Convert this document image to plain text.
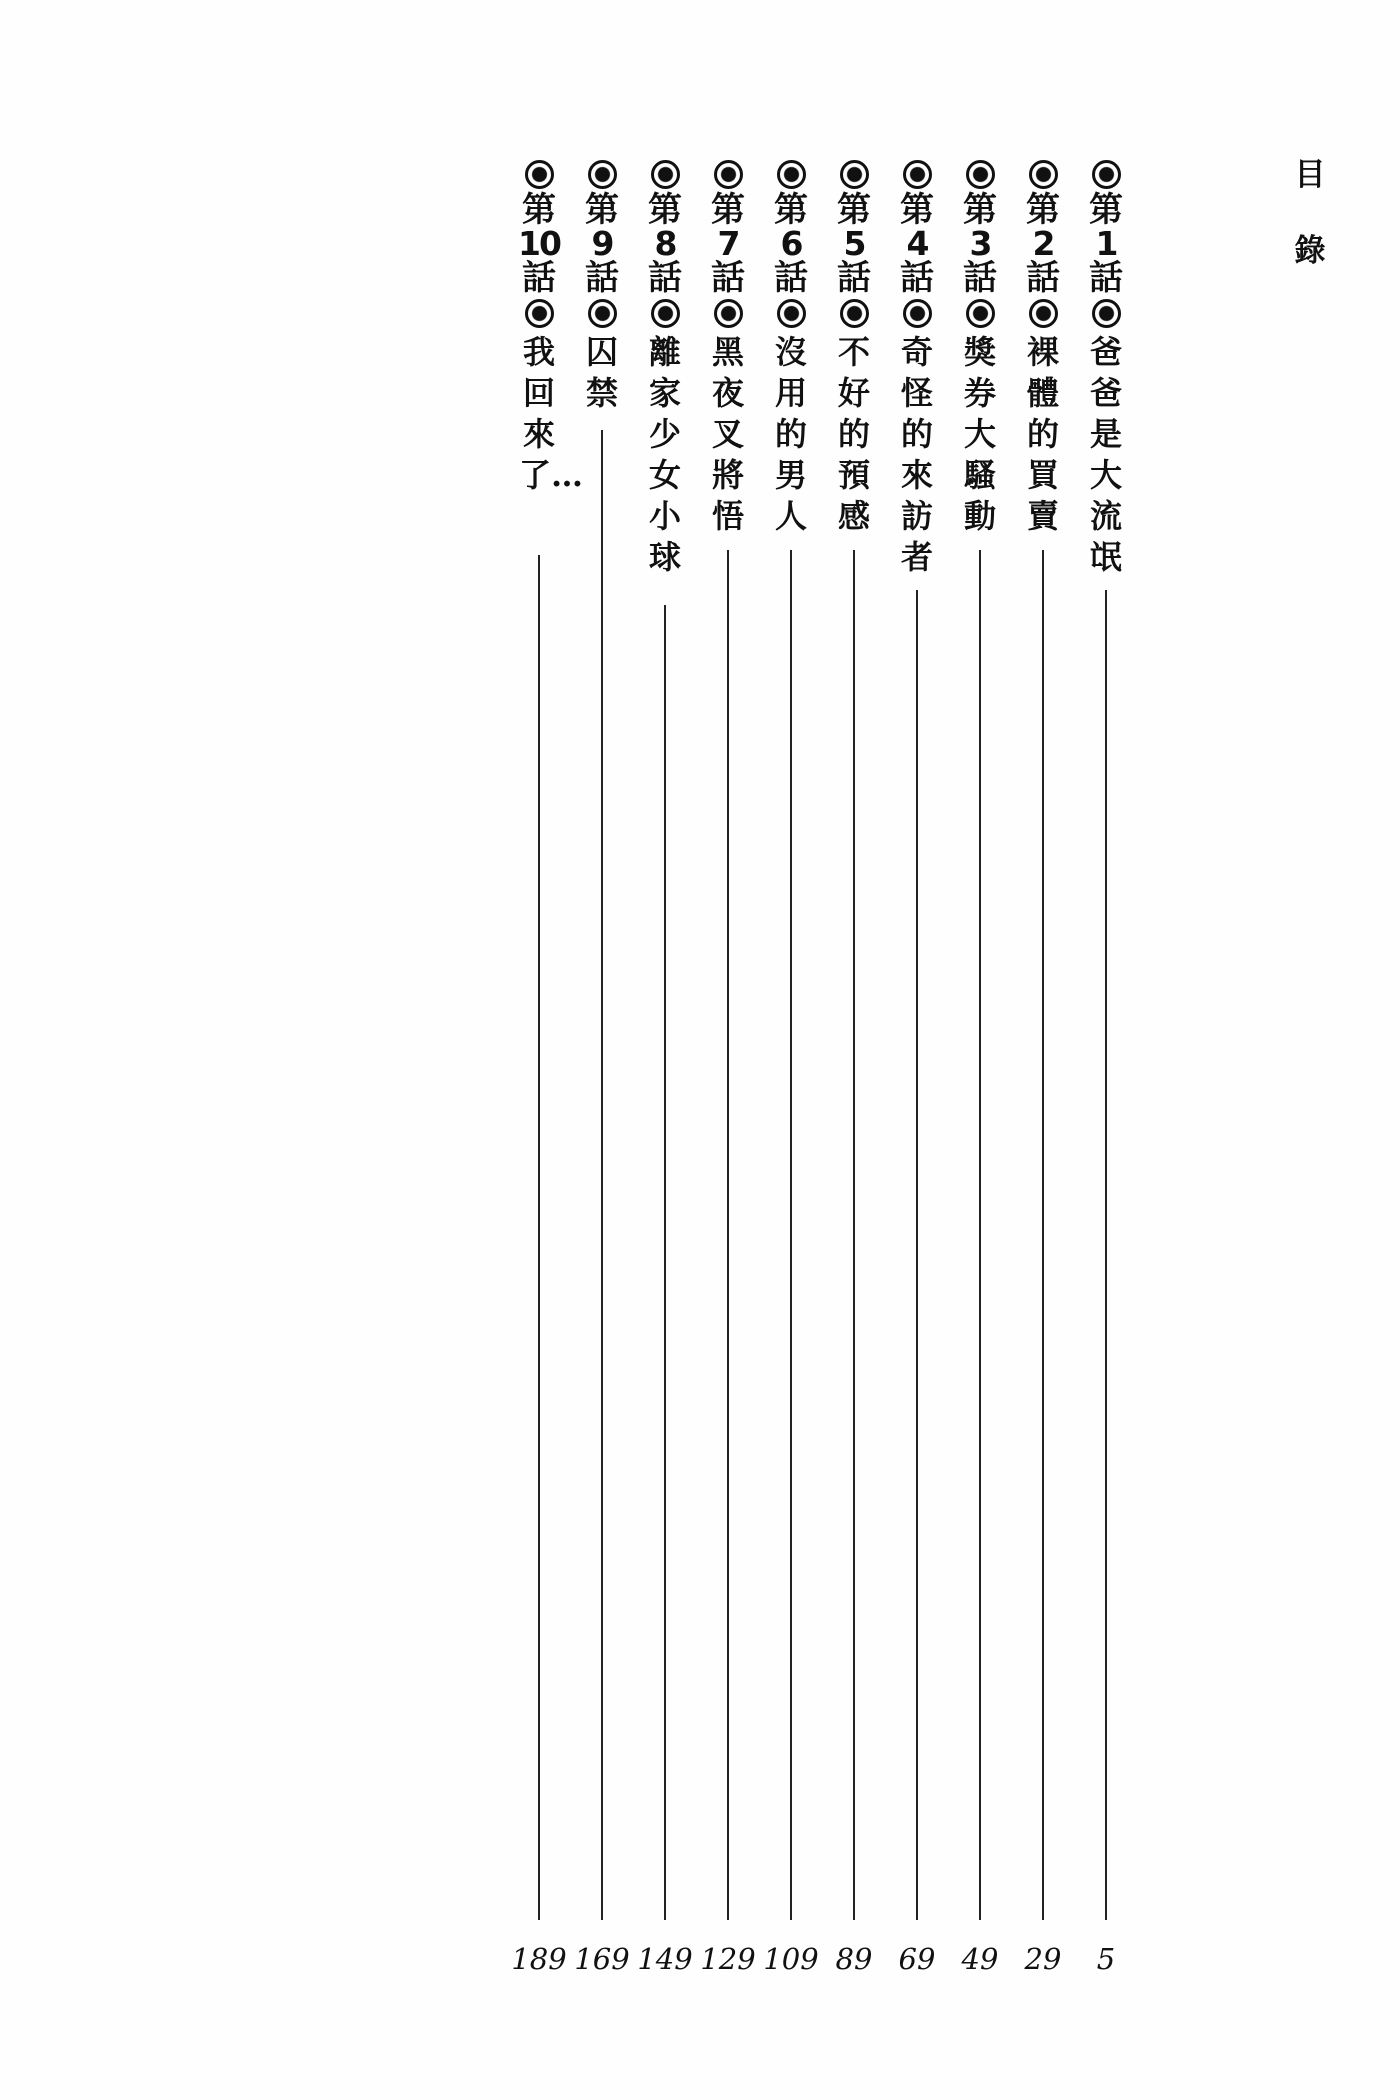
目
錄
第
1
話
爸爸是大流氓
5
第
2
話
裸體的買賣
29
第
3
話
獎券大騷動
49
第
4
話
奇怪的來訪者
69
第
5
話
不好的預感
89
第
6
話
沒用的男人
109
第
7
話
黑夜叉將悟
129
第
8
話
離家少女小球
149
第
9
話
囚禁
169
第
10
話
我回來了…
189
